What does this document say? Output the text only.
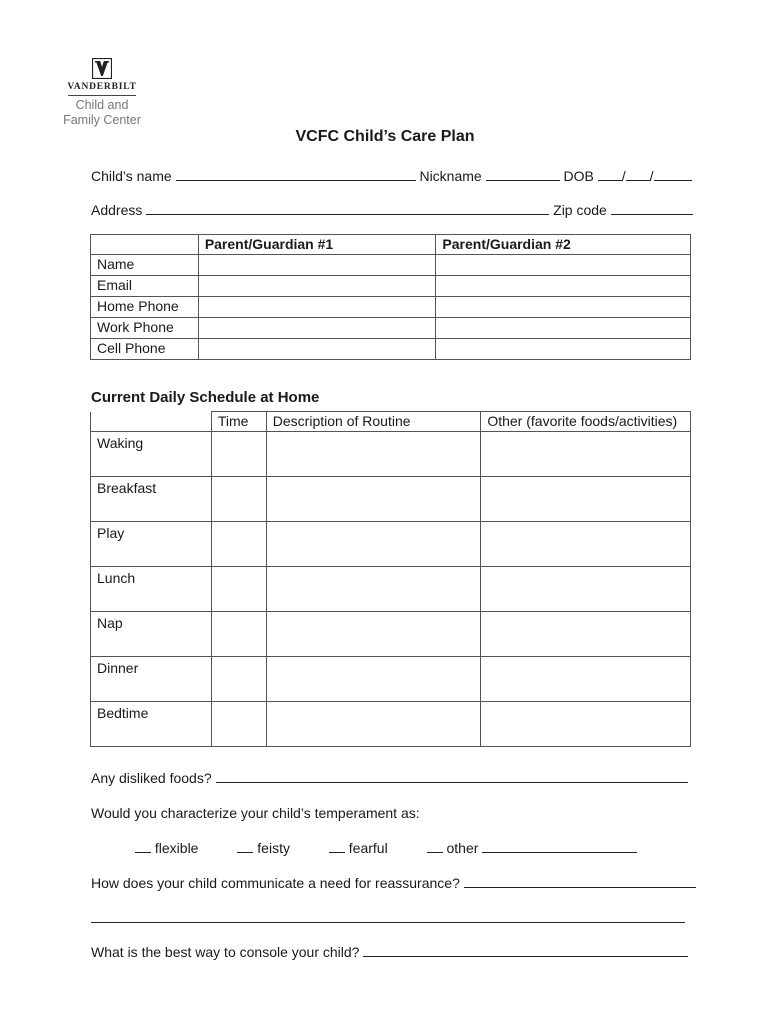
VANDERBILT
Child and Family Center
VCFC Child’s Care Plan
Child’s name	Nickname	DOB / /
Address	Zip code
	Parent/Guardian #1	Parent/Guardian #2
Name		
Email		
Home Phone		
Work Phone		
Cell Phone		
Current Daily Schedule at Home
	Time	Description of Routine	Other (favorite foods/activities)
Waking			
Breakfast			
Play			
Lunch			
Nap			
Dinner			
Bedtime			
Any disliked foods?
Would you characterize your child’s temperament as:
flexible	feisty	fearful	other
How does your child communicate a need for reassurance?
What is the best way to console your child?
